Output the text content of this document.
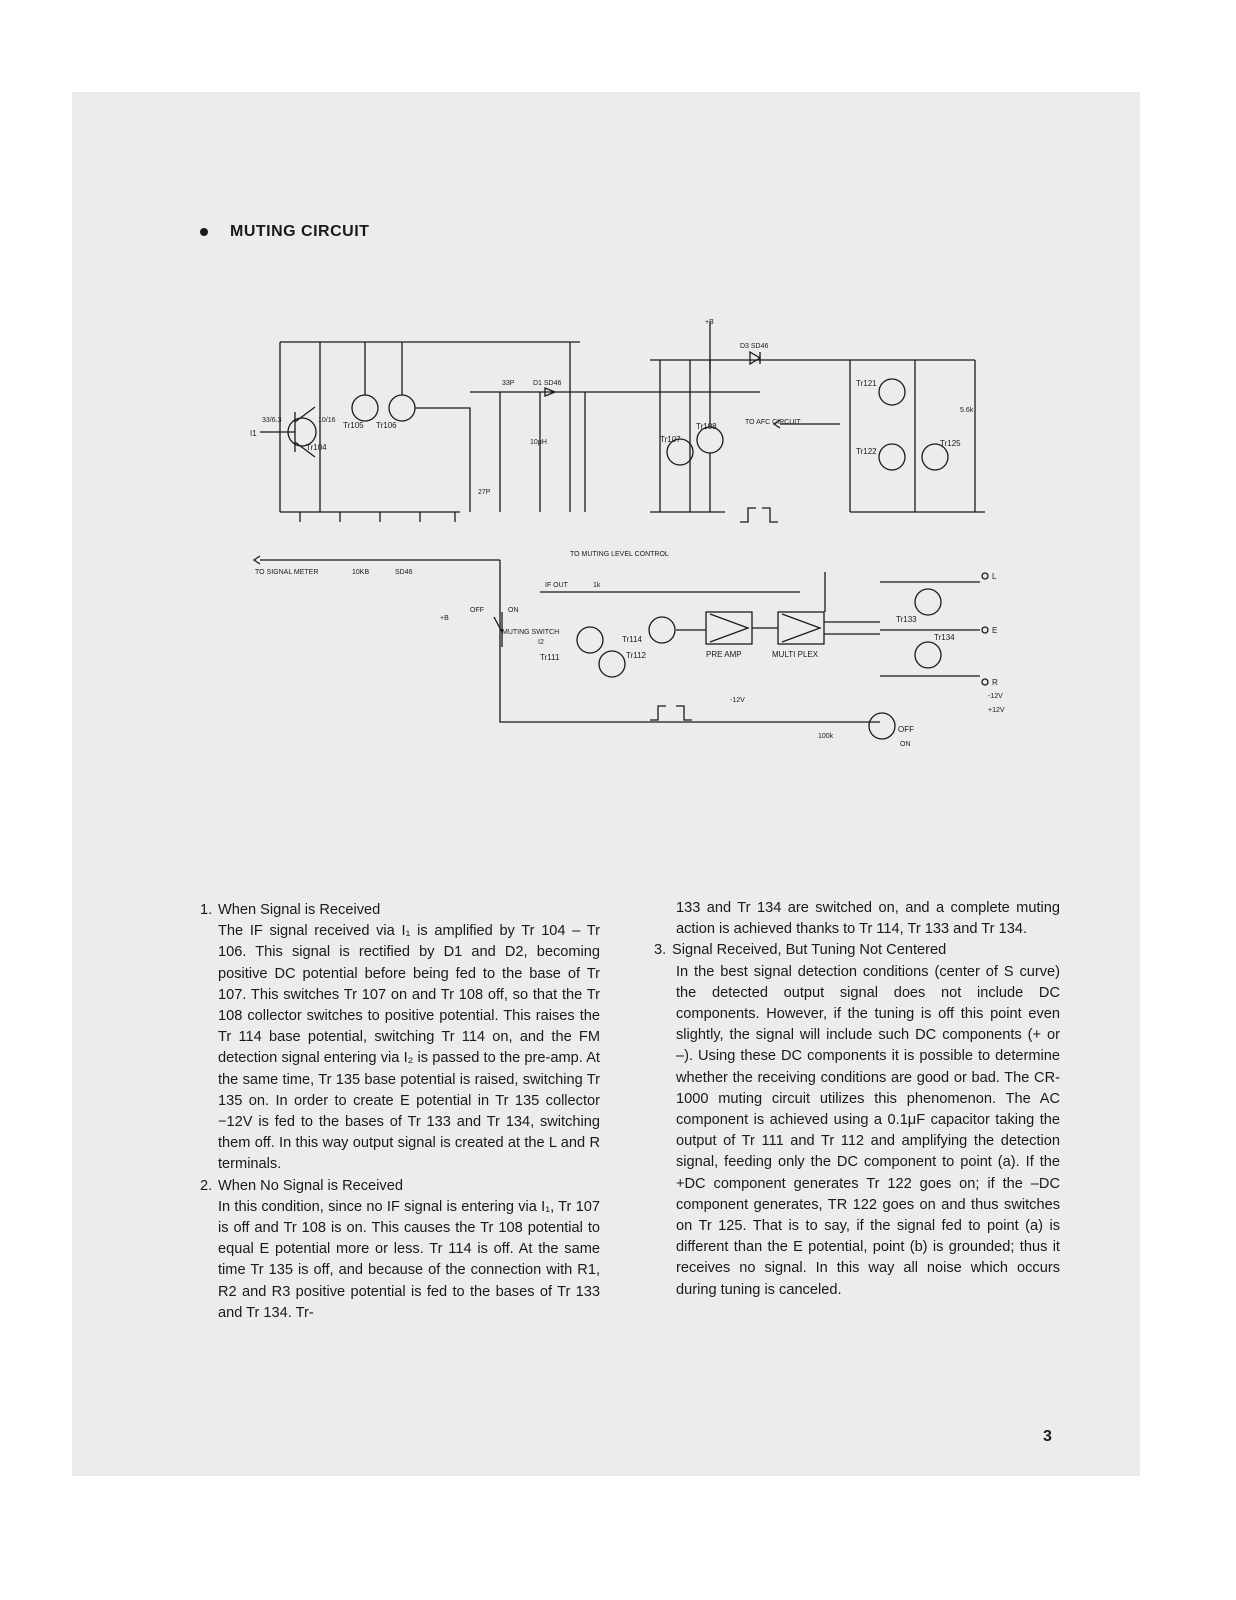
MUTING CIRCUIT
+B
D3 SD46
Tr104
Tr105 Tr106
I1
33/6.3	10/16
33P	D1 SD46
10μH
27P
Tr107
Tr108	TO AFC CIRCUIT
TO MUTING LEVEL CONTROL
Tr121
Tr122
Tr125
5.6k
TO SIGNAL METER	10KB	SD46
IF OUT	1k
+B
OFF	ON
MUTING SWITCH
I2
Tr111	Tr112
Tr114
PRE AMP	MULTI PLEX
-12V
Tr133
Tr134
OFF
100k
L
E
R
-12V
+12V
ON
1. When Signal is Received
The IF signal received via I₁ is amplified by Tr 104 – Tr 106. This signal is rectified by D1 and D2, becoming positive DC potential before being fed to the base of Tr 107. This switches Tr 107 on and Tr 108 off, so that the Tr 108 collector switches to positive potential. This raises the Tr 114 base potential, switching Tr 114 on, and the FM detection signal entering via I₂ is passed to the pre-amp. At the same time, Tr 135 base potential is raised, switching Tr 135 on. In order to create E potential in Tr 135 collector −12V is fed to the bases of Tr 133 and Tr 134, switching them off. In this way output signal is created at the L and R terminals.
2. When No Signal is Received
In this condition, since no IF signal is entering via I₁, Tr 107 is off and Tr 108 is on. This causes the Tr 108 potential to equal E potential more or less. Tr 114 is off. At the same time Tr 135 is off, and because of the connection with R1, R2 and R3 positive potential is fed to the bases of Tr 133 and Tr 134. Tr-
133 and Tr 134 are switched on, and a complete muting action is achieved thanks to Tr 114, Tr 133 and Tr 134.
3. Signal Received, But Tuning Not Centered
In the best signal detection conditions (center of S curve) the detected output signal does not include DC components. However, if the tuning is off this point even slightly, the signal will include such DC components (+ or –). Using these DC components it is possible to determine whether the receiving conditions are good or bad. The CR-1000 muting circuit utilizes this phenomenon. The AC component is achieved using a 0.1μF capacitor taking the output of Tr 111 and Tr 112 and amplifying the detection signal, feeding only the DC component to point (a). If the +DC component generates Tr 122 goes on; if the –DC component generates, TR 122 goes on and thus switches on Tr 125. That is to say, if the signal fed to point (a) is different than the E potential, point (b) is grounded; thus it receives no signal. In this way all noise which occurs during tuning is canceled.
3
